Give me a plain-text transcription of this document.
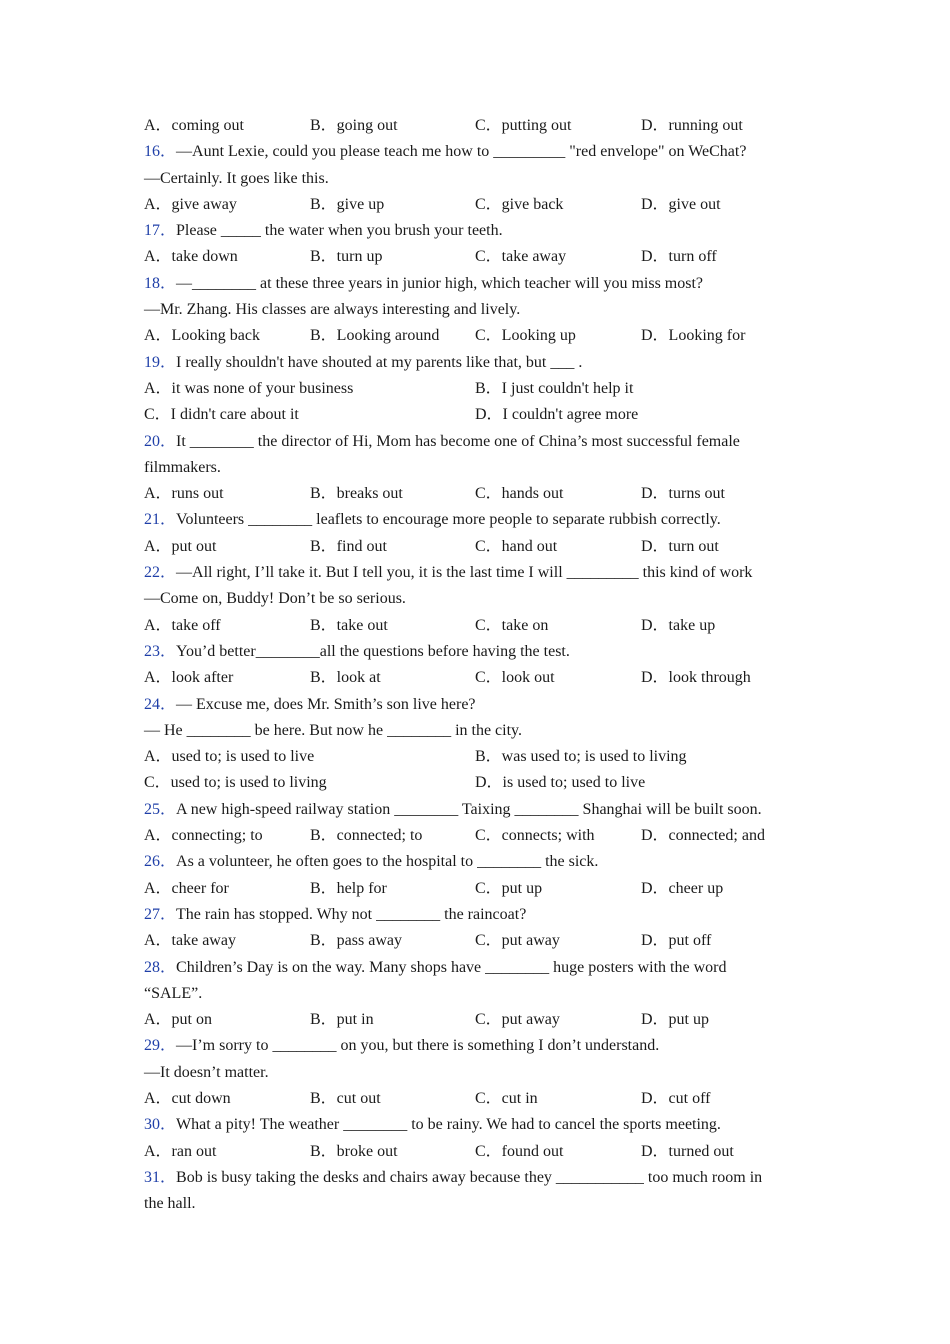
A．coming out	B．going out	C．putting out	D．running out
16．—Aunt Lexie, could you please teach me how to _________ "red envelope" on WeChat?
—Certainly. It goes like this.
A．give away	B．give up	C．give back	D．give out
17．Please _____ the water when you brush your teeth.
A．take down	B．turn up	C．take away	D．turn off
18．—________ at these three years in junior high, which teacher will you miss most?
—Mr. Zhang. His classes are always interesting and lively.
A．Looking back	B．Looking around C．Looking up	D．Looking for
19．I really shouldn't have shouted at my parents like that, but ___ .
A．it was none of your business	B．I just couldn't help it
C．I didn't care about it	D．I couldn't agree more
20．It ________ the director of Hi, Mom has become one of China’s most successful female
filmmakers.
A．runs out	B．breaks out	C．hands out	D．turns out
21．Volunteers ________ leaflets to encourage more people to separate rubbish correctly.
A．put out	B．find out	C．hand out	D．turn out
22．—All right, I’ll take it. But I tell you, it is the last time I will _________ this kind of work
—Come on, Buddy! Don’t be so serious.
A．take off	B．take out	C．take on	D．take up
23．You’d better________all the questions before having the test.
A．look after	B．look at	C．look out	D．look through
24．— Excuse me, does Mr. Smith’s son live here?
— He ________ be here. But now he ________ in the city.
A．used to; is used to live	B．was used to; is used to living
C．used to; is used to living	D．is used to; used to live
25．A new high-speed railway station ________ Taixing ________ Shanghai will be built soon.
A．connecting; to	B．connected; to	C．connects; with	D．connected; and
26．As a volunteer, he often goes to the hospital to ________ the sick.
A．cheer for	B．help for	C．put up	D．cheer up
27．The rain has stopped. Why not ________ the raincoat?
A．take away	B．pass away	C．put away	D．put off
28．Children’s Day is on the way. Many shops have ________ huge posters with the word
“SALE”.
A．put on	B．put in	C．put away	D．put up
29．—I’m sorry to ________ on you, but there is something I don’t understand.
—It doesn’t matter.
A．cut down	B．cut out	C．cut in	D．cut off
30．What a pity! The weather ________ to be rainy. We had to cancel the sports meeting.
A．ran out	B．broke out	C．found out	D．turned out
31．Bob is busy taking the desks and chairs away because they ___________ too much room in
the hall.
